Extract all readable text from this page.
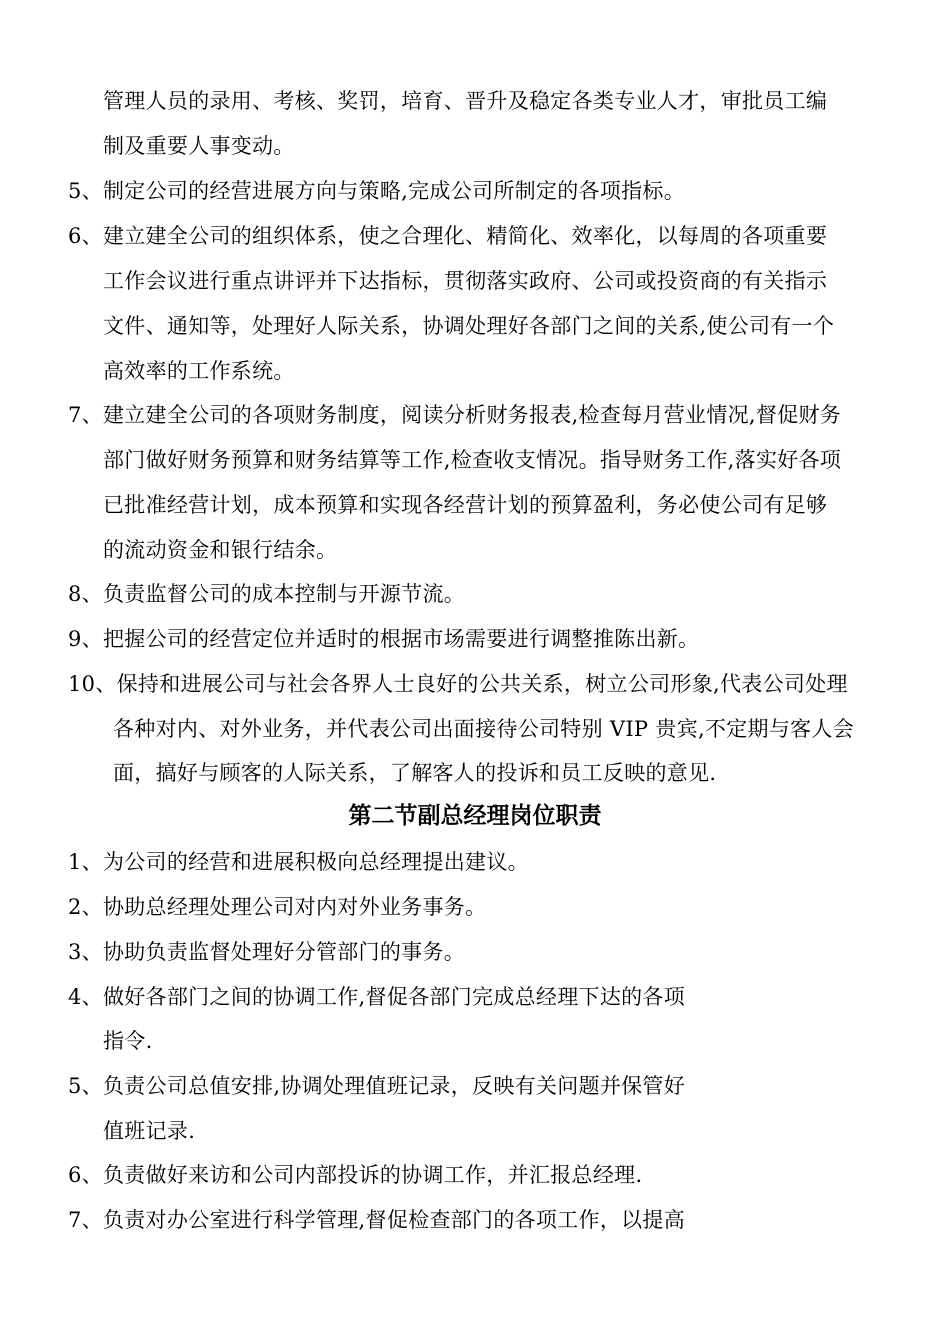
管理人员的录用、考核、奖罚，培育、晋升及稳定各类专业人才，审批员工编
制及重要人事变动。
5、制定公司的经营进展方向与策略,完成公司所制定的各项指标。
6、建立建全公司的组织体系，使之合理化、精简化、效率化，以每周的各项重要
工作会议进行重点讲评并下达指标，贯彻落实政府、公司或投资商的有关指示
文件、通知等，处理好人际关系，协调处理好各部门之间的关系,使公司有一个
高效率的工作系统。
7、建立建全公司的各项财务制度，阅读分析财务报表,检查每月营业情况,督促财务
部门做好财务预算和财务结算等工作,检查收支情况。指导财务工作,落实好各项
已批准经营计划，成本预算和实现各经营计划的预算盈利，务必使公司有足够
的流动资金和银行结余。
8、负责监督公司的成本控制与开源节流。
9、把握公司的经营定位并适时的根据市场需要进行调整推陈出新。
10、保持和进展公司与社会各界人士良好的公共关系，树立公司形象,代表公司处理
各种对内、对外业务，并代表公司出面接待公司特别 VIP 贵宾,不定期与客人会
面，搞好与顾客的人际关系，了解客人的投诉和员工反映的意见.
第二节副总经理岗位职责
1、为公司的经营和进展积极向总经理提出建议。
2、协助总经理处理公司对内对外业务事务。
3、协助负责监督处理好分管部门的事务。
4、做好各部门之间的协调工作,督促各部门完成总经理下达的各项
指令.
5、负责公司总值安排,协调处理值班记录，反映有关问题并保管好
值班记录.
6、负责做好来访和公司内部投诉的协调工作，并汇报总经理.
7、负责对办公室进行科学管理,督促检查部门的各项工作，以提高
